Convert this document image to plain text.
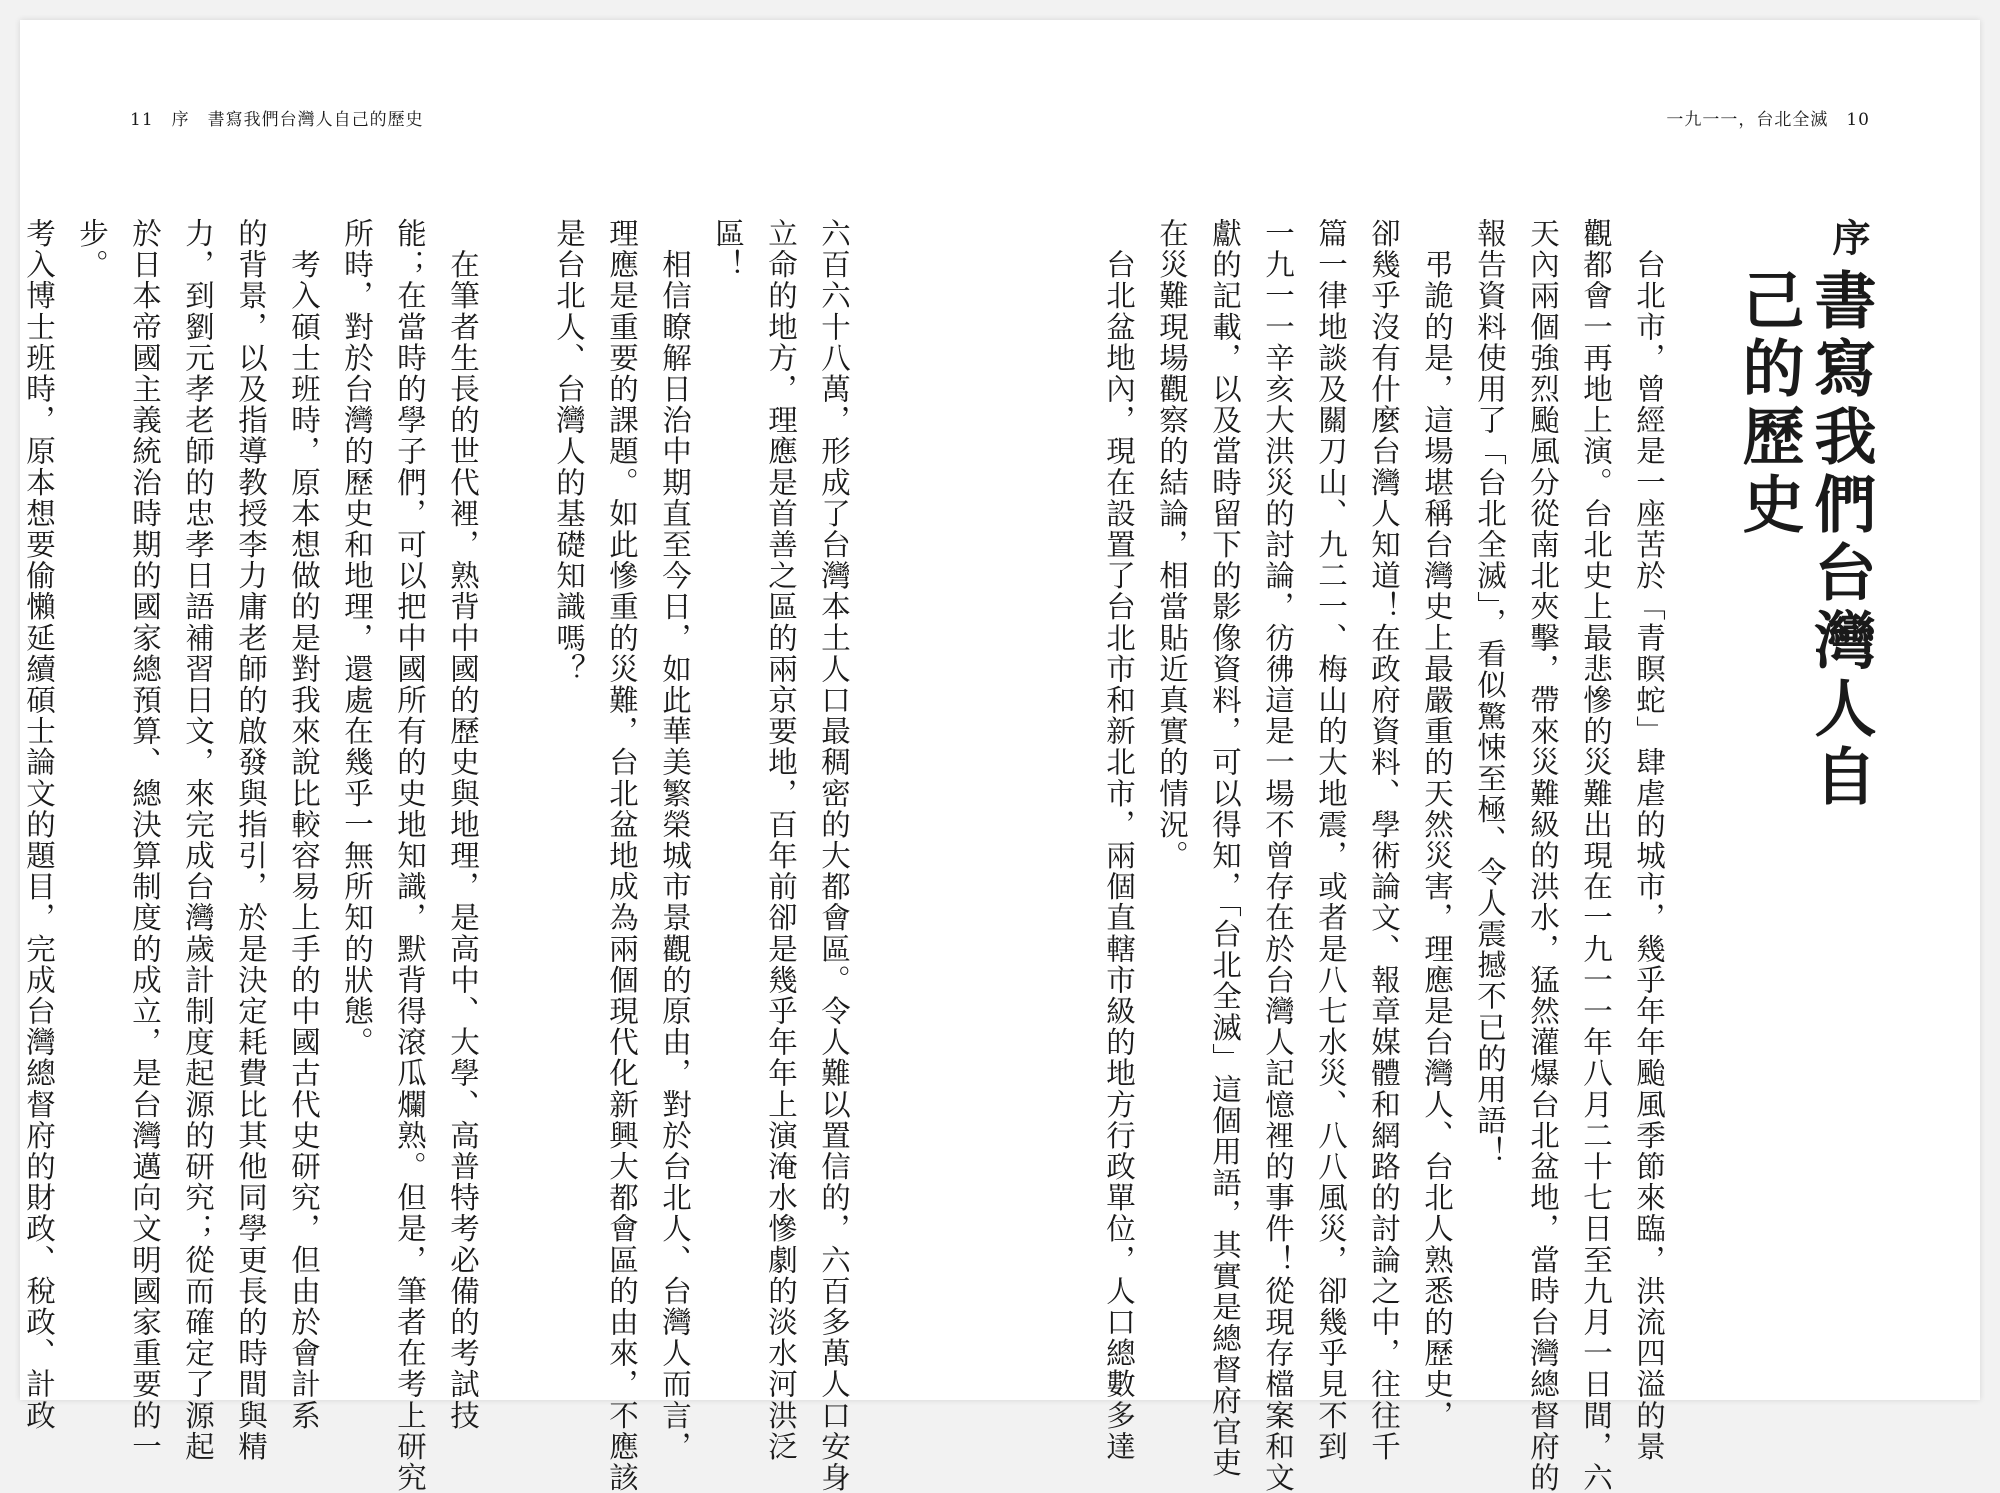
11 序 書寫我們台灣人自己的歷史	一九一一，台北全滅 10
序
書寫我們台灣人自己的歷史

　台北市，曾經是一座苦於「青瞑蛇」肆虐的城市，幾乎年年颱風季節來臨，洪流四溢的景

觀都會一再地上演。台北史上最悲慘的災難出現在一九一一年八月二十七日至九月一日間，六

天內兩個強烈颱風分從南北夾擊，帶來災難級的洪水，猛然灌爆台北盆地，當時台灣總督府的

報告資料使用了「台北全滅」，看似驚悚至極、令人震撼不已的用語！

　弔詭的是，這場堪稱台灣史上最嚴重的天然災害，理應是台灣人、台北人熟悉的歷史，

卻幾乎沒有什麼台灣人知道！在政府資料、學術論文、報章媒體和網路的討論之中，往往千

篇一律地談及關刀山、九二一、梅山的大地震，或者是八七水災、八八風災，卻幾乎見不到

一九一一辛亥大洪災的討論，彷彿這是一場不曾存在於台灣人記憶裡的事件！從現存檔案和文

獻的記載，以及當時留下的影像資料，可以得知，「台北全滅」這個用語，其實是總督府官吏

在災難現場觀察的結論，相當貼近真實的情況。

　台北盆地內，現在設置了台北市和新北市，兩個直轄市級的地方行政單位，人口總數多達

六百六十八萬，形成了台灣本土人口最稠密的大都會區。令人難以置信的，六百多萬人口安身

立命的地方，理應是首善之區的兩京要地，百年前卻是幾乎年年上演淹水慘劇的淡水河洪泛

區！

　相信瞭解日治中期直至今日，如此華美繁榮城市景觀的原由，對於台北人、台灣人而言，

理應是重要的課題。如此慘重的災難，台北盆地成為兩個現代化新興大都會區的由來，不應該

是台北人、台灣人的基礎知識嗎？

　在筆者生長的世代裡，熟背中國的歷史與地理，是高中、大學、高普特考必備的考試技

能；在當時的學子們，可以把中國所有的史地知識，默背得滾瓜爛熟。但是，筆者在考上研究

所時，對於台灣的歷史和地理，還處在幾乎一無所知的狀態。

　考入碩士班時，原本想做的是對我來說比較容易上手的中國古代史研究，但由於會計系

的背景，以及指導教授李力庸老師的啟發與指引，於是決定耗費比其他同學更長的時間與精

力，到劉元孝老師的忠孝日語補習日文，來完成台灣歲計制度起源的研究；從而確定了源起

於日本帝國主義統治時期的國家總預算、總決算制度的成立，是台灣邁向文明國家重要的一

步。

考入博士班時，原本想要偷懶延續碩士論文的題目，完成台灣總督府的財政、稅政、計政
